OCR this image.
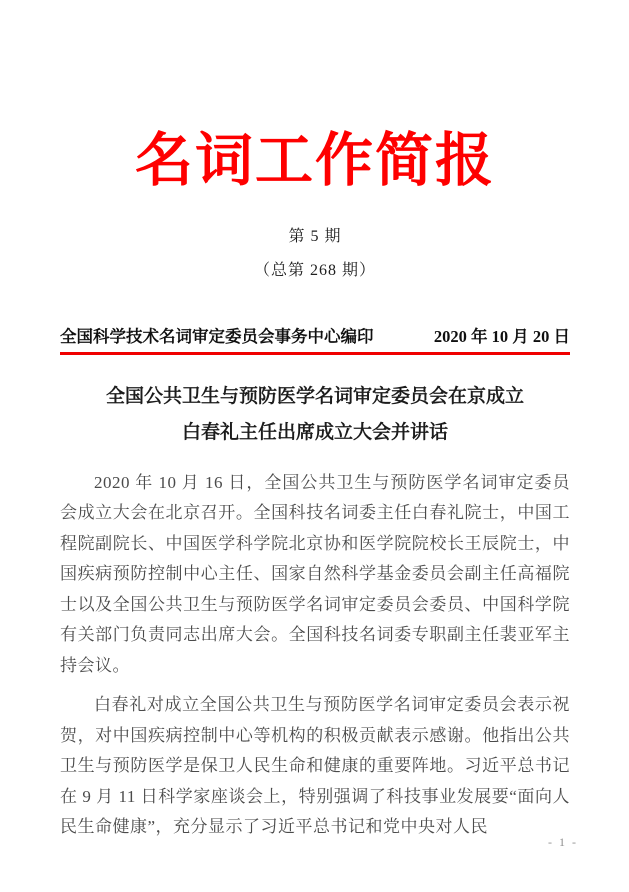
名词工作简报
第 5 期
（总第 268 期）
全国科学技术名词审定委员会事务中心编印	2020 年 10 月 20 日
全国公共卫生与预防医学名词审定委员会在京成立
白春礼主任出席成立大会并讲话

2020 年 10 月 16 日，全国公共卫生与预防医学名词审定委员会成立大会在北京召开。全国科技名词委主任白春礼院士，中国工程院副院长、中国医学科学院北京协和医学院院校长王辰院士，中国疾病预防控制中心主任、国家自然科学基金委员会副主任高福院士以及全国公共卫生与预防医学名词审定委员会委员、中国科学院有关部门负责同志出席大会。全国科技名词委专职副主任裴亚军主持会议。

白春礼对成立全国公共卫生与预防医学名词审定委员会表示祝贺，对中国疾病控制中心等机构的积极贡献表示感谢。他指出公共卫生与预防医学是保卫人民生命和健康的重要阵地。习近平总书记在 9 月 11 日科学家座谈会上，特别强调了科技事业发展要“面向人民生命健康”，充分显示了习近平总书记和党中央对人民

- 1 -
